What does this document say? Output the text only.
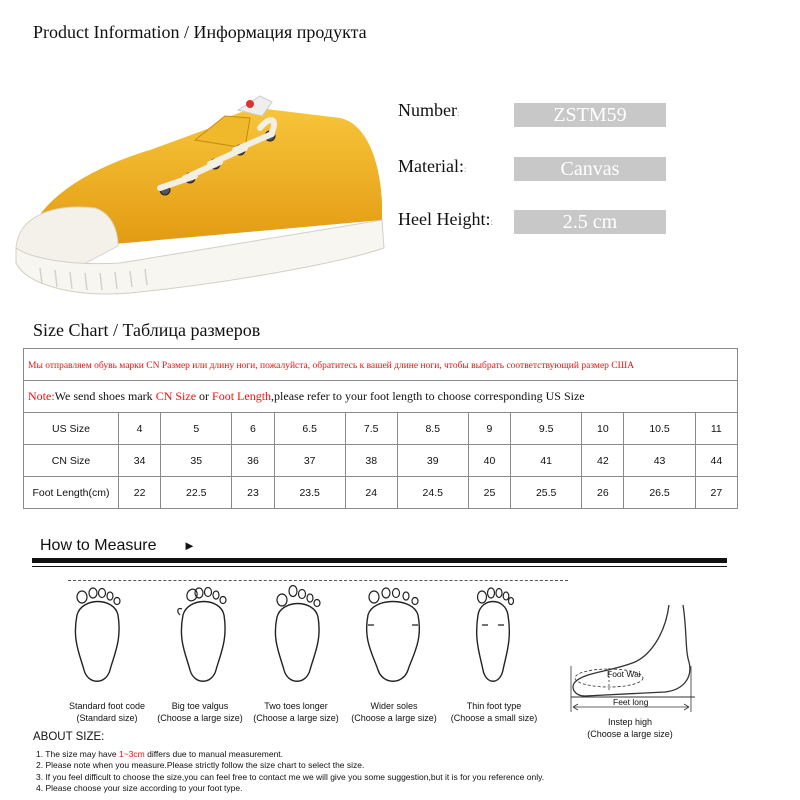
Product Information / Информация продукта
Number:	ZSTM59
Material::	Canvas
Heel Height::	2.5 cm
Size Chart / Таблица размеров
Мы отправляем обувь марки CN Размер или длину ноги, пожалуйста, обратитесь к вашей длине ноги, чтобы выбрать соответствующий размер США											
Note:We send shoes mark CN Size or Foot Length,please refer to your foot length to choose corresponding US Size											
US Size	4	5	6	6.5	7.5	8.5	9	9.5	10	10.5	11
CN Size	34	35	36	37	38	39	40	41	42	43	44
Foot Length(cm)	22	22.5	23	23.5	24	24.5	25	25.5	26	26.5	27
How to Measure ►
Foot Wai
Feet long
Standard foot code
(Standard size)
Big toe valgus
(Choose a large size)
Two toes longer
(Choose a large size)
Wider soles
(Choose a large size)
Thin foot type
(Choose a small size)	Instep high
(Choose a large size)
ABOUT SIZE:
1. The size may have 1~3cm differs due to manual measurement.
2. Please note when you measure.Please strictly follow the size chart to select the size.
3. If you feel difficult to choose the size,you can feel free to contact me we will give you some suggestion,but it is for you reference only.
4. Please choose your size according to your foot type.
